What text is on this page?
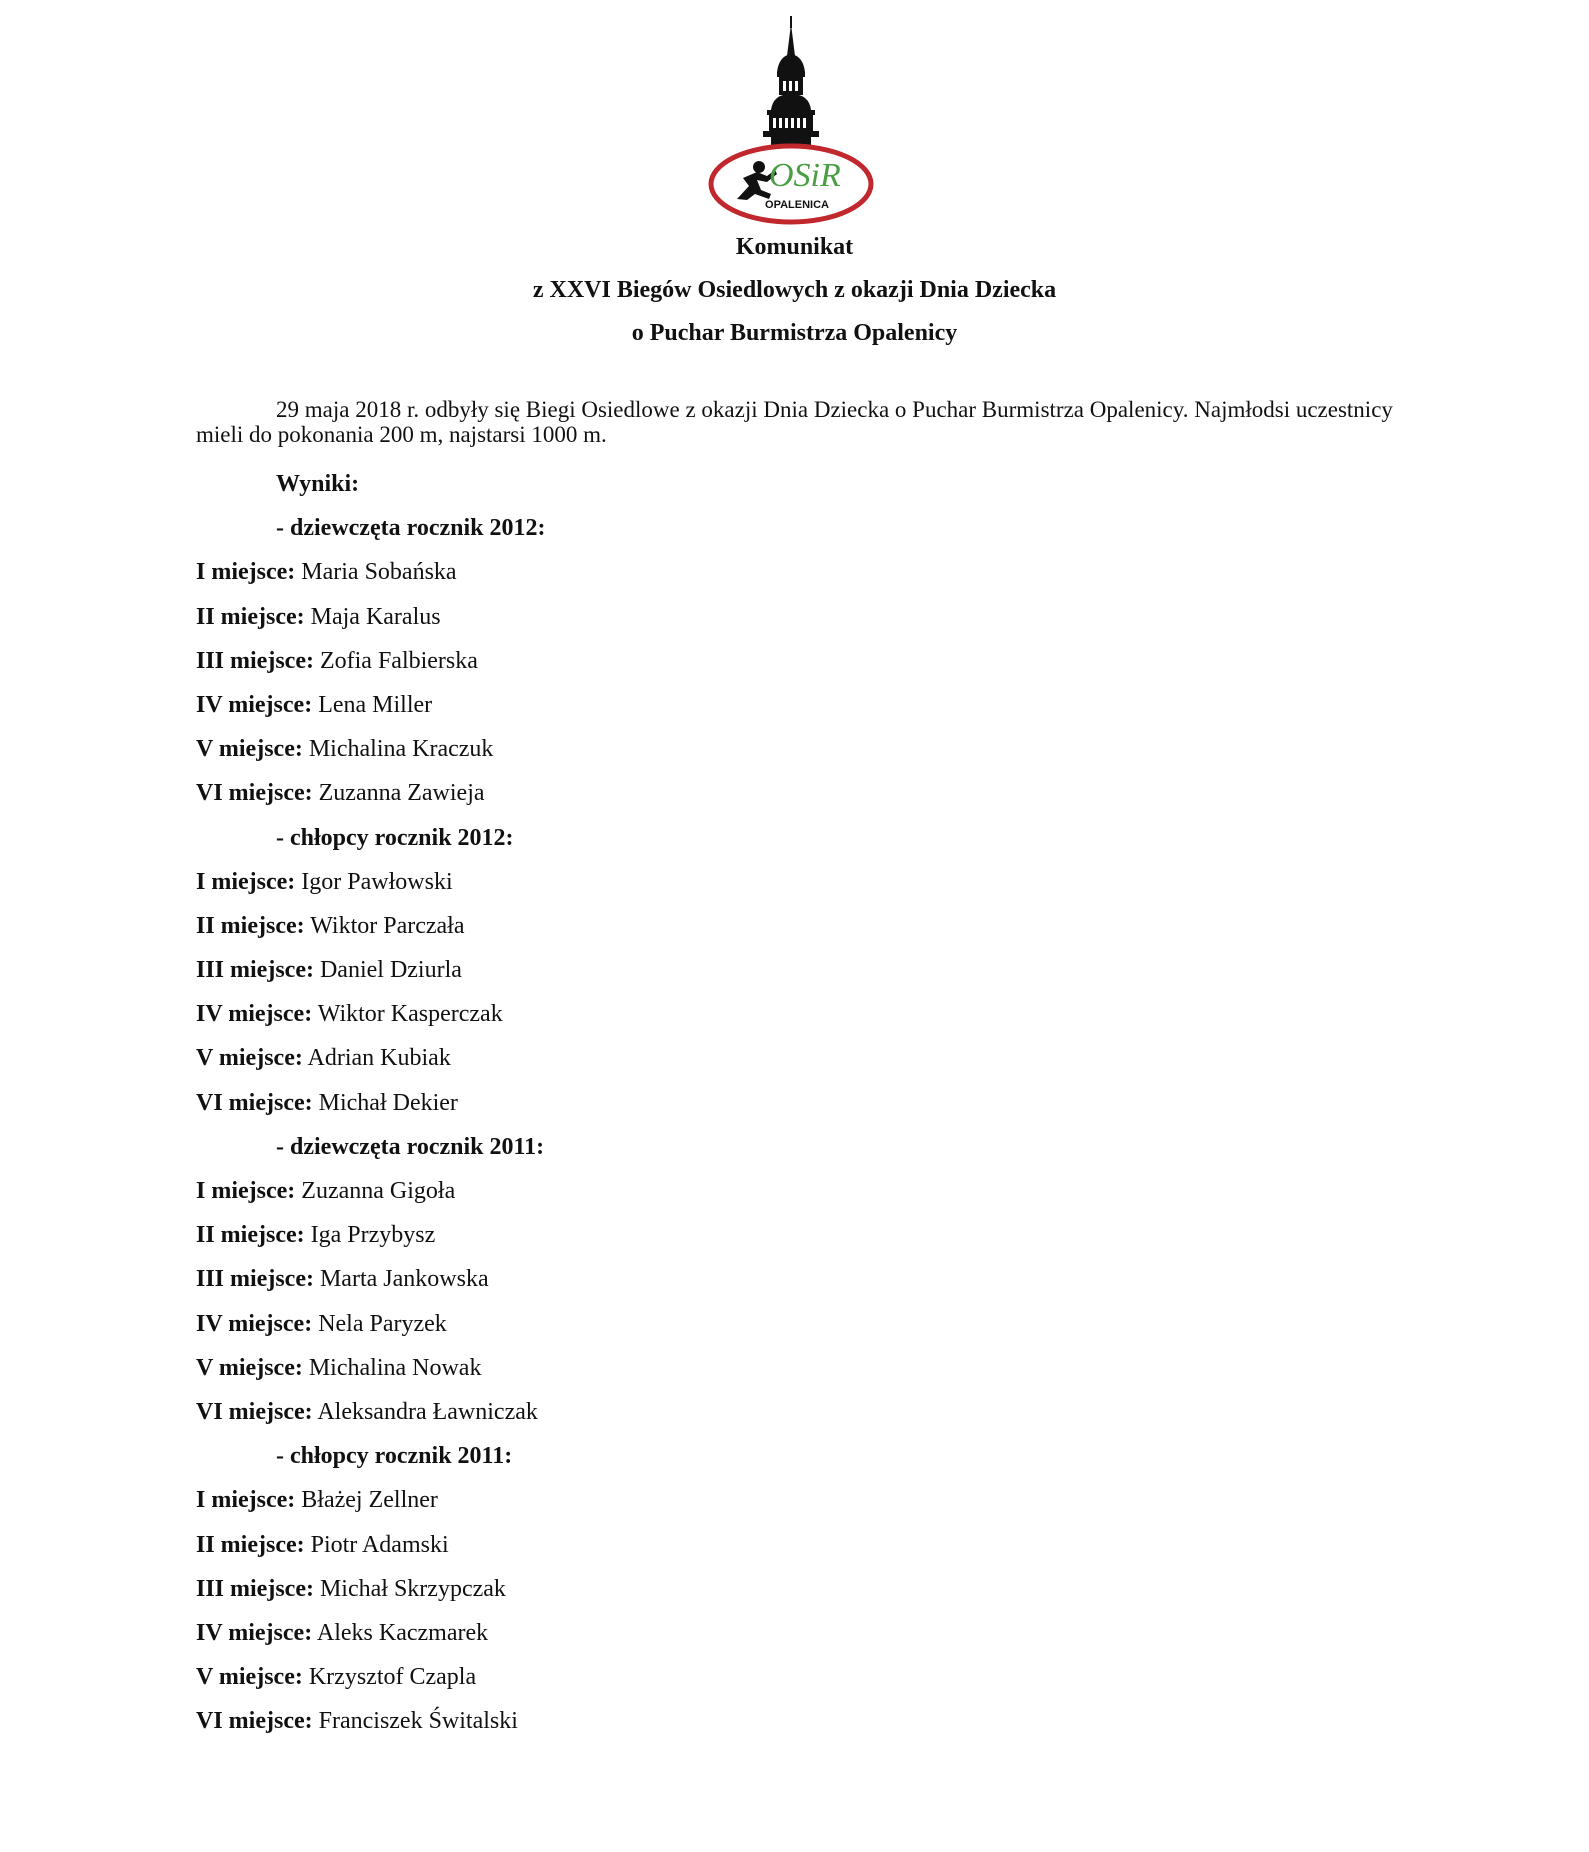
OSiR
OPALENICA
Komunikat
z XXVI Biegów Osiedlowych z okazji Dnia Dziecka
o Puchar Burmistrza Opalenicy

29 maja 2018 r. odbyły się Biegi Osiedlowe z okazji Dnia Dziecka o Puchar Burmistrza Opalenicy. Najmłodsi uczestnicy mieli do pokonania 200 m, najstarsi 1000 m.

Wyniki:
- dziewczęta rocznik 2012:
I miejsce: Maria Sobańska
II miejsce: Maja Karalus
III miejsce: Zofia Falbierska
IV miejsce: Lena Miller
V miejsce: Michalina Kraczuk
VI miejsce: Zuzanna Zawieja
- chłopcy rocznik 2012:
I miejsce: Igor Pawłowski
II miejsce: Wiktor Parczała
III miejsce: Daniel Dziurla
IV miejsce: Wiktor Kasperczak
V miejsce: Adrian Kubiak
VI miejsce: Michał Dekier
- dziewczęta rocznik 2011:
I miejsce: Zuzanna Gigoła
II miejsce: Iga Przybysz
III miejsce: Marta Jankowska
IV miejsce: Nela Paryzek
V miejsce: Michalina Nowak
VI miejsce: Aleksandra Ławniczak
- chłopcy rocznik 2011:
I miejsce: Błażej Zellner
II miejsce: Piotr Adamski
III miejsce: Michał Skrzypczak
IV miejsce: Aleks Kaczmarek
V miejsce: Krzysztof Czapla
VI miejsce: Franciszek Świtalski
